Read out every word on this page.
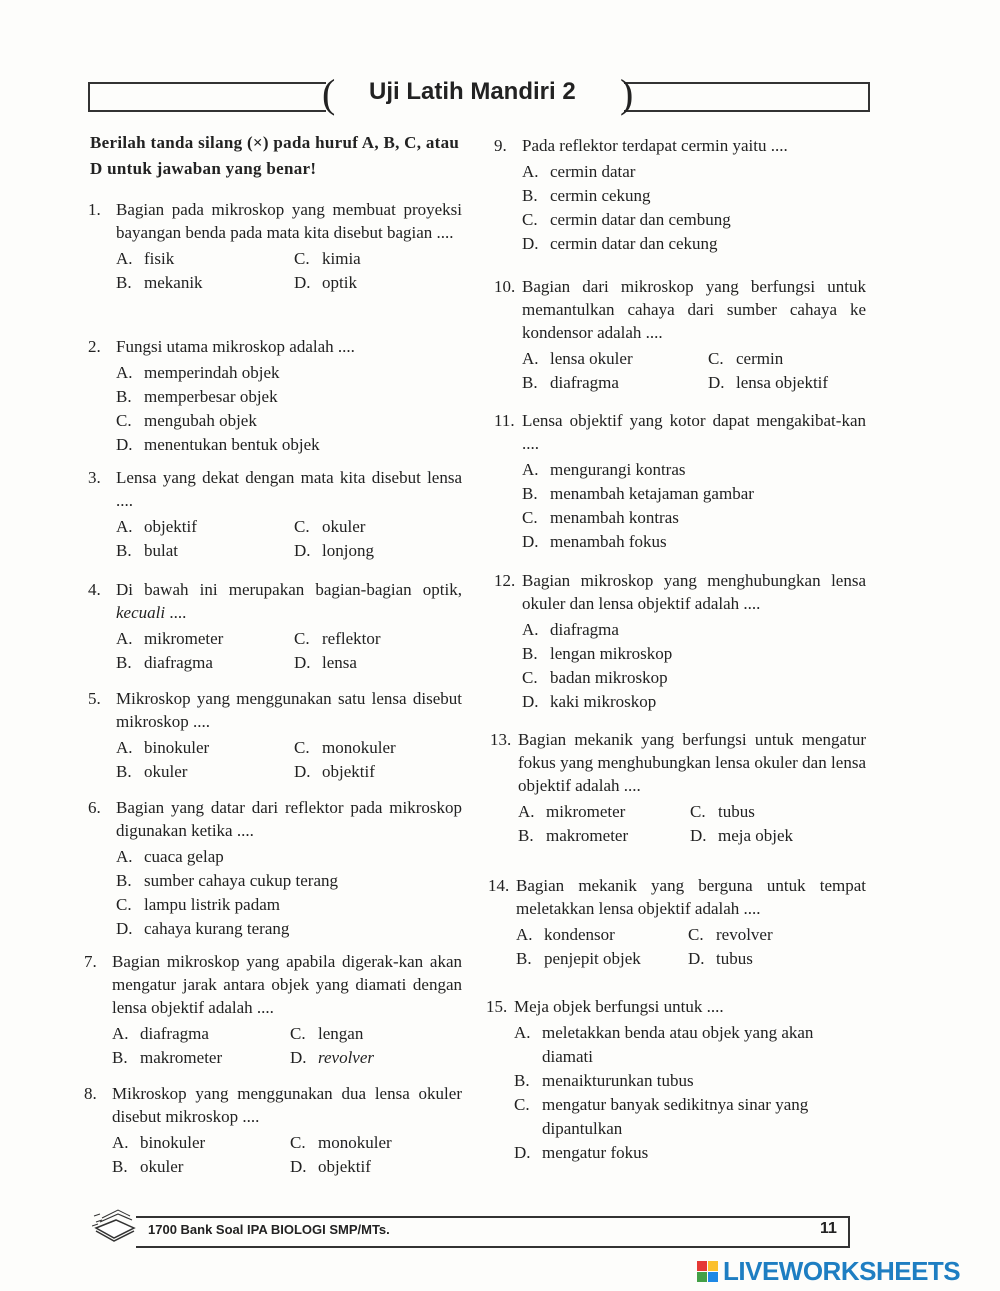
(	)
Uji Latih Mandiri 2
Berilah tanda silang (×) pada huruf A, B, C, atau D untuk jawaban yang benar!
1. Bagian pada mikroskop yang membuat proyeksi bayangan benda pada mata kita disebut bagian ....
A. fisik	C. kimia
B. mekanik	D. optik
2. Fungsi utama mikroskop adalah ....
A. memperindah objek
B. memperbesar objek
C. mengubah objek
D. menentukan bentuk objek
3. Lensa yang dekat dengan mata kita disebut lensa ....
A. objektif	C. okuler
B. bulat	D. lonjong
4. Di bawah ini merupakan bagian-bagian optik, kecuali ....
A. mikrometer	C. reflektor
B. diafragma	D. lensa
5. Mikroskop yang menggunakan satu lensa disebut mikroskop ....
A. binokuler	C. monokuler
B. okuler	D. objektif
6. Bagian yang datar dari reflektor pada mikroskop digunakan ketika ....
A. cuaca gelap
B. sumber cahaya cukup terang
C. lampu listrik padam
D. cahaya kurang terang
7. Bagian mikroskop yang apabila digerak-kan akan mengatur jarak antara objek yang diamati dengan lensa objektif adalah ....
A. diafragma	C. lengan
B. makrometer	D. revolver
8. Mikroskop yang menggunakan dua lensa okuler disebut mikroskop ....
A. binokuler	C. monokuler
B. okuler	D. objektif
9. Pada reflektor terdapat cermin yaitu ....
A. cermin datar
B. cermin cekung
C. cermin datar dan cembung
D. cermin datar dan cekung
10. Bagian dari mikroskop yang berfungsi untuk memantulkan cahaya dari sumber cahaya ke kondensor adalah ....
A. lensa okuler	C. cermin
B. diafragma	D. lensa objektif
11. Lensa objektif yang kotor dapat mengakibat-kan ....
A. mengurangi kontras
B. menambah ketajaman gambar
C. menambah kontras
D. menambah fokus
12. Bagian mikroskop yang menghubungkan lensa okuler dan lensa objektif adalah ....
A. diafragma
B. lengan mikroskop
C. badan mikroskop
D. kaki mikroskop
13. Bagian mekanik yang berfungsi untuk mengatur fokus yang menghubungkan lensa okuler dan lensa objektif adalah ....
A. mikrometer	C. tubus
B. makrometer	D. meja objek
14. Bagian mekanik yang berguna untuk tempat meletakkan lensa objektif adalah ....
A. kondensor	C. revolver
B. penjepit objek	D. tubus
15. Meja objek berfungsi untuk ....
A. meletakkan benda atau objek yang akan diamati
B. menaikturunkan tubus
C. mengatur banyak sedikitnya sinar yang dipantulkan
D. mengatur fokus
1700 Bank Soal IPA BIOLOGI SMP/MTs.	11
LIVEWORKSHEETS
